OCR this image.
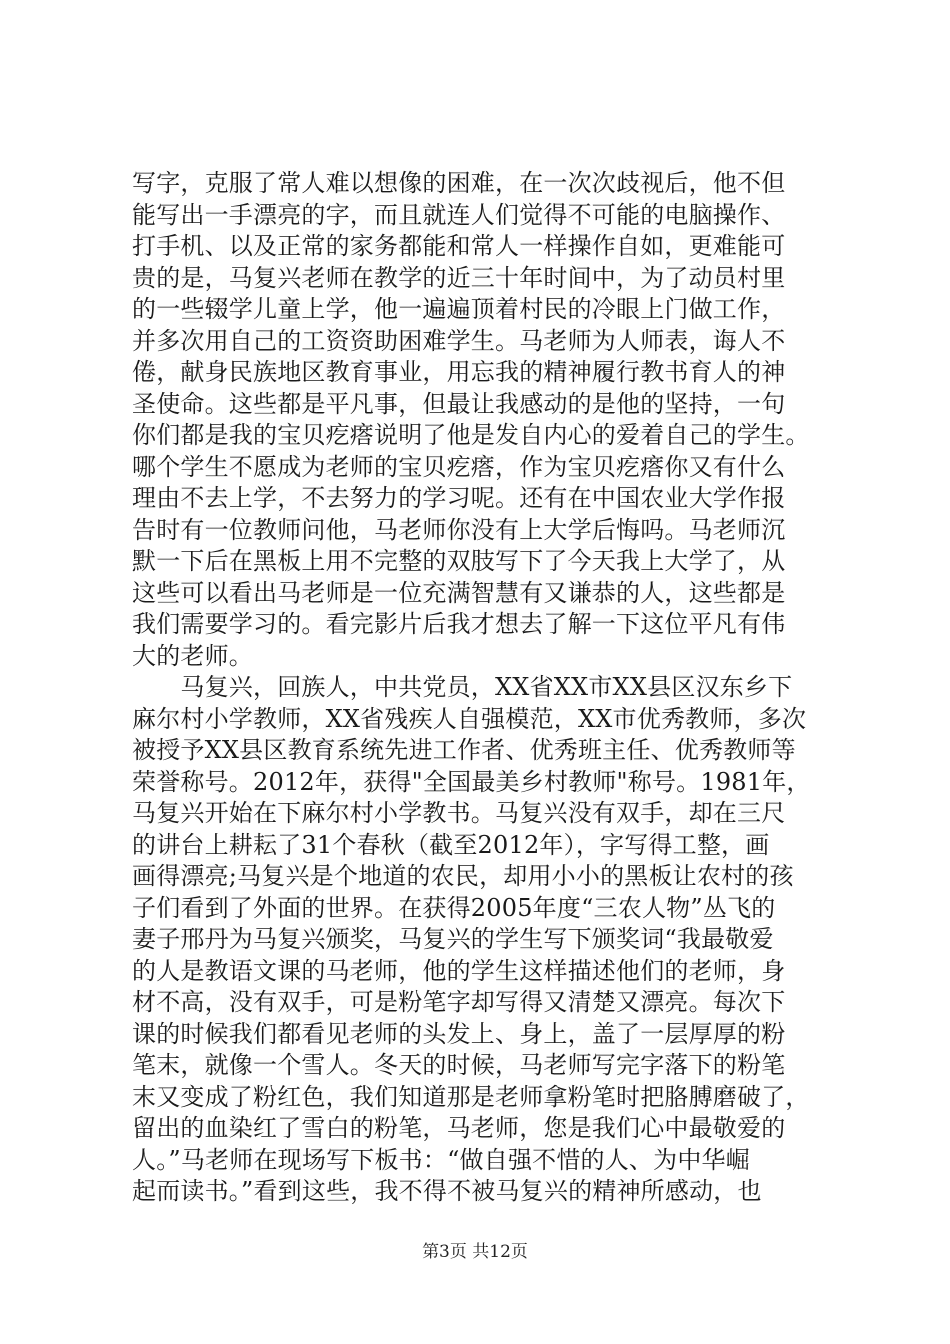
写字，克服了常人难以想像的困难，在一次次歧视后，他不但
能写出一手漂亮的字，而且就连人们觉得不可能的电脑操作、
打手机、以及正常的家务都能和常人一样操作自如，更难能可
贵的是，马复兴老师在教学的近三十年时间中，为了动员村里
的一些辍学儿童上学，他一遍遍顶着村民的冷眼上门做工作，
并多次用自己的工资资助困难学生。马老师为人师表，诲人不
倦，献身民族地区教育事业，用忘我的精神履行教书育人的神
圣使命。这些都是平凡事，但最让我感动的是他的坚持，一句
你们都是我的宝贝疙瘩说明了他是发自内心的爱着自己的学生。
哪个学生不愿成为老师的宝贝疙瘩，作为宝贝疙瘩你又有什么
理由不去上学，不去努力的学习呢。还有在中国农业大学作报
告时有一位教师问他，马老师你没有上大学后悔吗。马老师沉
默一下后在黑板上用不完整的双肢写下了今天我上大学了，从
这些可以看出马老师是一位充满智慧有又谦恭的人，这些都是
我们需要学习的。看完影片后我才想去了解一下这位平凡有伟
大的老师。
　　马复兴，回族人，中共党员，XX省XX市XX县区汉东乡下
麻尔村小学教师，XX省残疾人自强模范，XX市优秀教师，多次
被授予XX县区教育系统先进工作者、优秀班主任、优秀教师等
荣誉称号。2012年，获得"全国最美乡村教师"称号。1981年，
马复兴开始在下麻尔村小学教书。马复兴没有双手，却在三尺
的讲台上耕耘了31个春秋（截至2012年），字写得工整，画
画得漂亮;马复兴是个地道的农民，却用小小的黑板让农村的孩
子们看到了外面的世界。在获得2005年度“三农人物”丛飞的
妻子邢丹为马复兴颁奖，马复兴的学生写下颁奖词“我最敬爱
的人是教语文课的马老师，他的学生这样描述他们的老师，身
材不高，没有双手，可是粉笔字却写得又清楚又漂亮。每次下
课的时候我们都看见老师的头发上、身上，盖了一层厚厚的粉
笔末，就像一个雪人。冬天的时候，马老师写完字落下的粉笔
末又变成了粉红色，我们知道那是老师拿粉笔时把胳膊磨破了，
留出的血染红了雪白的粉笔，马老师，您是我们心中最敬爱的
人。”马老师在现场写下板书：“做自强不惜的人、为中华崛
起而读书。”看到这些，我不得不被马复兴的精神所感动，也
第3页 共12页
